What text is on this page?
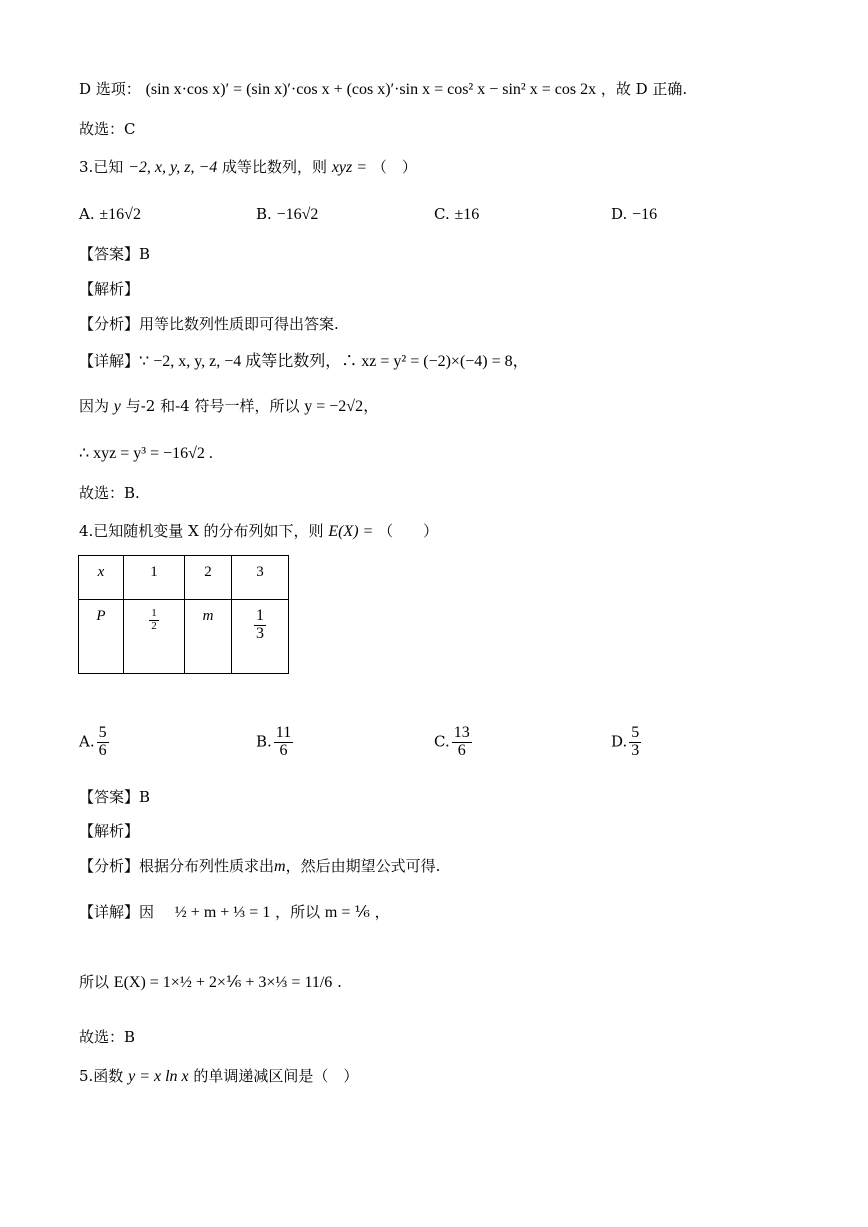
D 选项： (sin x·cos x)′ = (sin x)′·cos x + (cos x)′·sin x = cos² x − sin² x = cos 2x ，故 D 正确.
故选：C
3.已知 −2, x, y, z, −4 成等比数列，则 xyz = （　）
A. ±16√2	B. −16√2	C. ±16	D. −16
【答案】B
【解析】
【分析】用等比数列性质即可得出答案.
【详解】∵ −2, x, y, z, −4 成等比数列，∴ xz = y² = (−2)×(−4) = 8，
因为 y 与-2 和-4 符号一样，所以 y = −2√2，
∴ xyz = y³ = −16√2 .
故选：B.
4.已知随机变量 X 的分布列如下，则 E(X) = （　　）
x	1	2	3
P	$\frac{1}{2}$	m	$\frac{1}{3}$
A. $\frac{5}{6}$	B. $\frac{11}{6}$	C. $\frac{13}{6}$	D. $\frac{5}{3}$
【答案】B
【解析】
【分析】根据分布列性质求出m，然后由期望公式可得.
【详解】因 ½ + m + ⅓ = 1 ，所以 m = ⅙ ，
所以 E(X) = 1×½ + 2×⅙ + 3×⅓ = 11/6 .
故选：B
5.函数 y = x ln x 的单调递减区间是（　）
